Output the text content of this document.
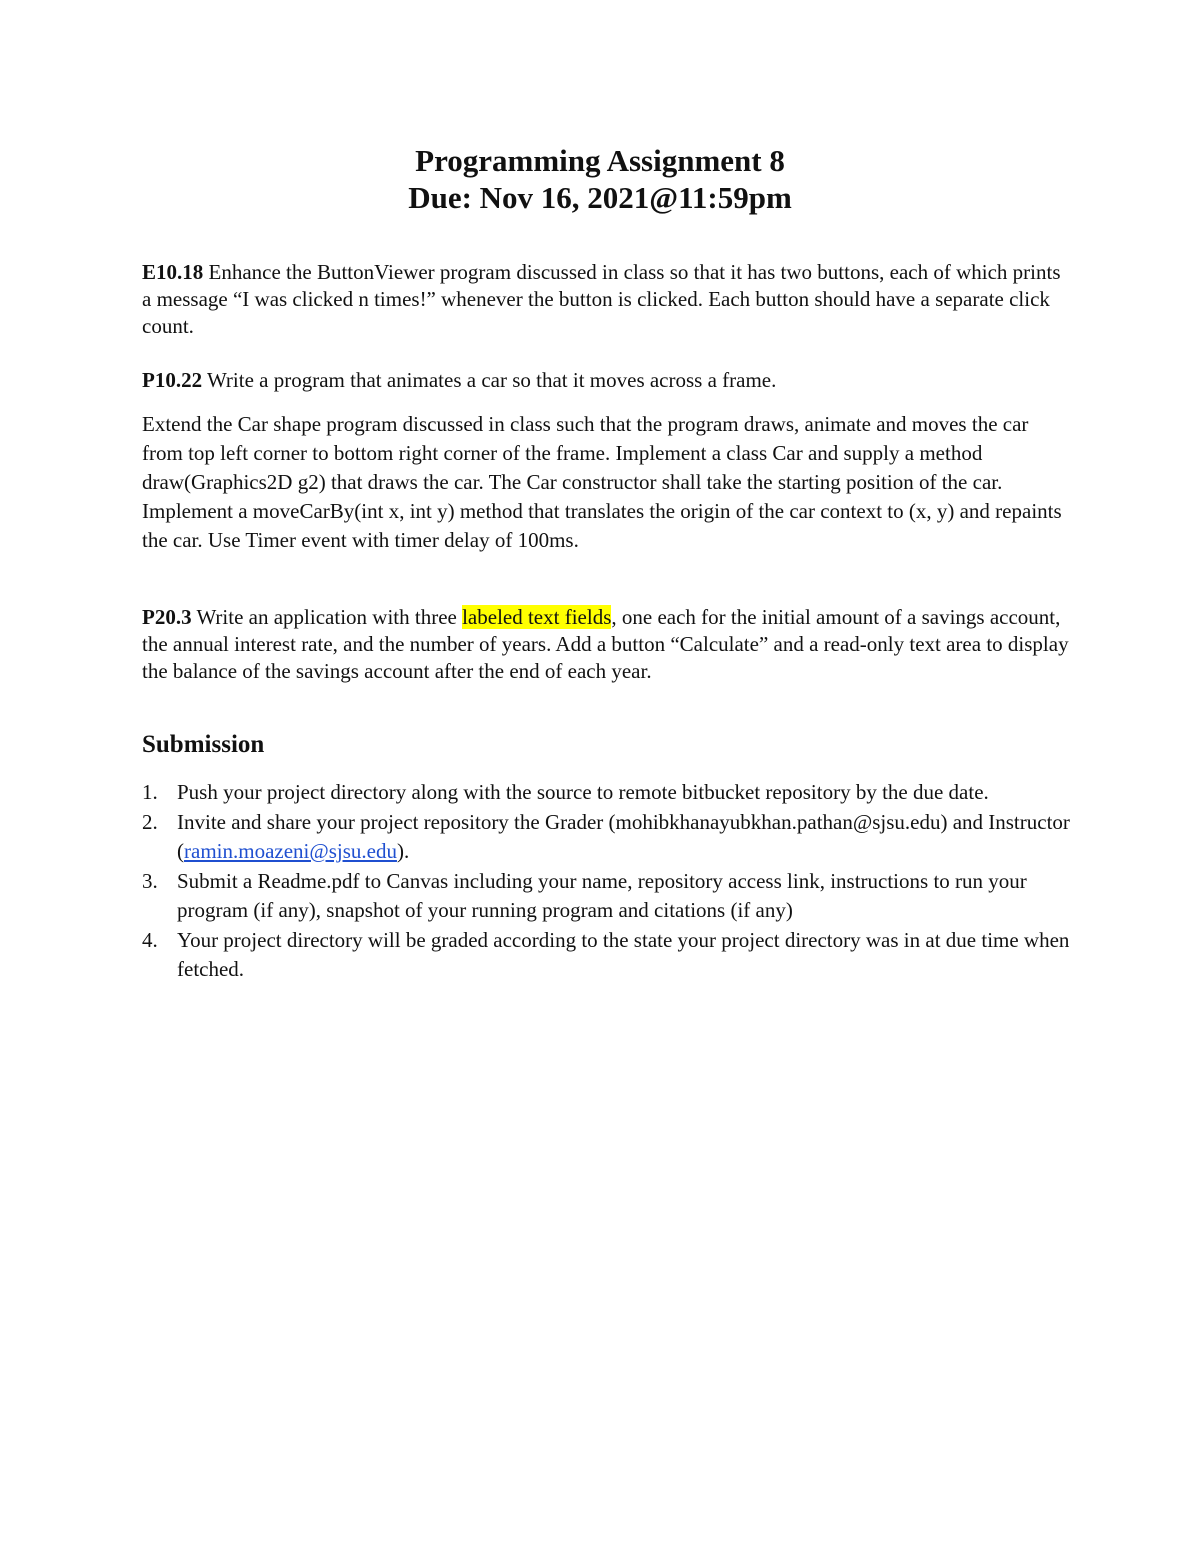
Programming Assignment 8
Due: Nov 16, 2021@11:59pm
E10.18 Enhance the ButtonViewer program discussed in class so that it has two buttons, each of which prints a message “I was clicked n times!” whenever the button is clicked. Each button should have a separate click count.
P10.22 Write a program that animates a car so that it moves across a frame.
Extend the Car shape program discussed in class such that the program draws, animate and moves the car from top left corner to bottom right corner of the frame. Implement a class Car and supply a method draw(Graphics2D g2) that draws the car. The Car constructor shall take the starting position of the car. Implement a moveCarBy(int x, int y) method that translates the origin of the car context to (x, y) and repaints the car. Use Timer event with timer delay of 100ms.
P20.3 Write an application with three labeled text fields, one each for the initial amount of a savings account, the annual interest rate, and the number of years. Add a button “Calculate” and a read-only text area to display the balance of the savings account after the end of each year.
Submission
1. Push your project directory along with the source to remote bitbucket repository by the due date.
2. Invite and share your project repository the Grader (mohibkhanayubkhan.pathan@sjsu.edu) and Instructor (ramin.moazeni@sjsu.edu).
3. Submit a Readme.pdf to Canvas including your name, repository access link, instructions to run your program (if any), snapshot of your running program and citations (if any)
4. Your project directory will be graded according to the state your project directory was in at due time when fetched.
